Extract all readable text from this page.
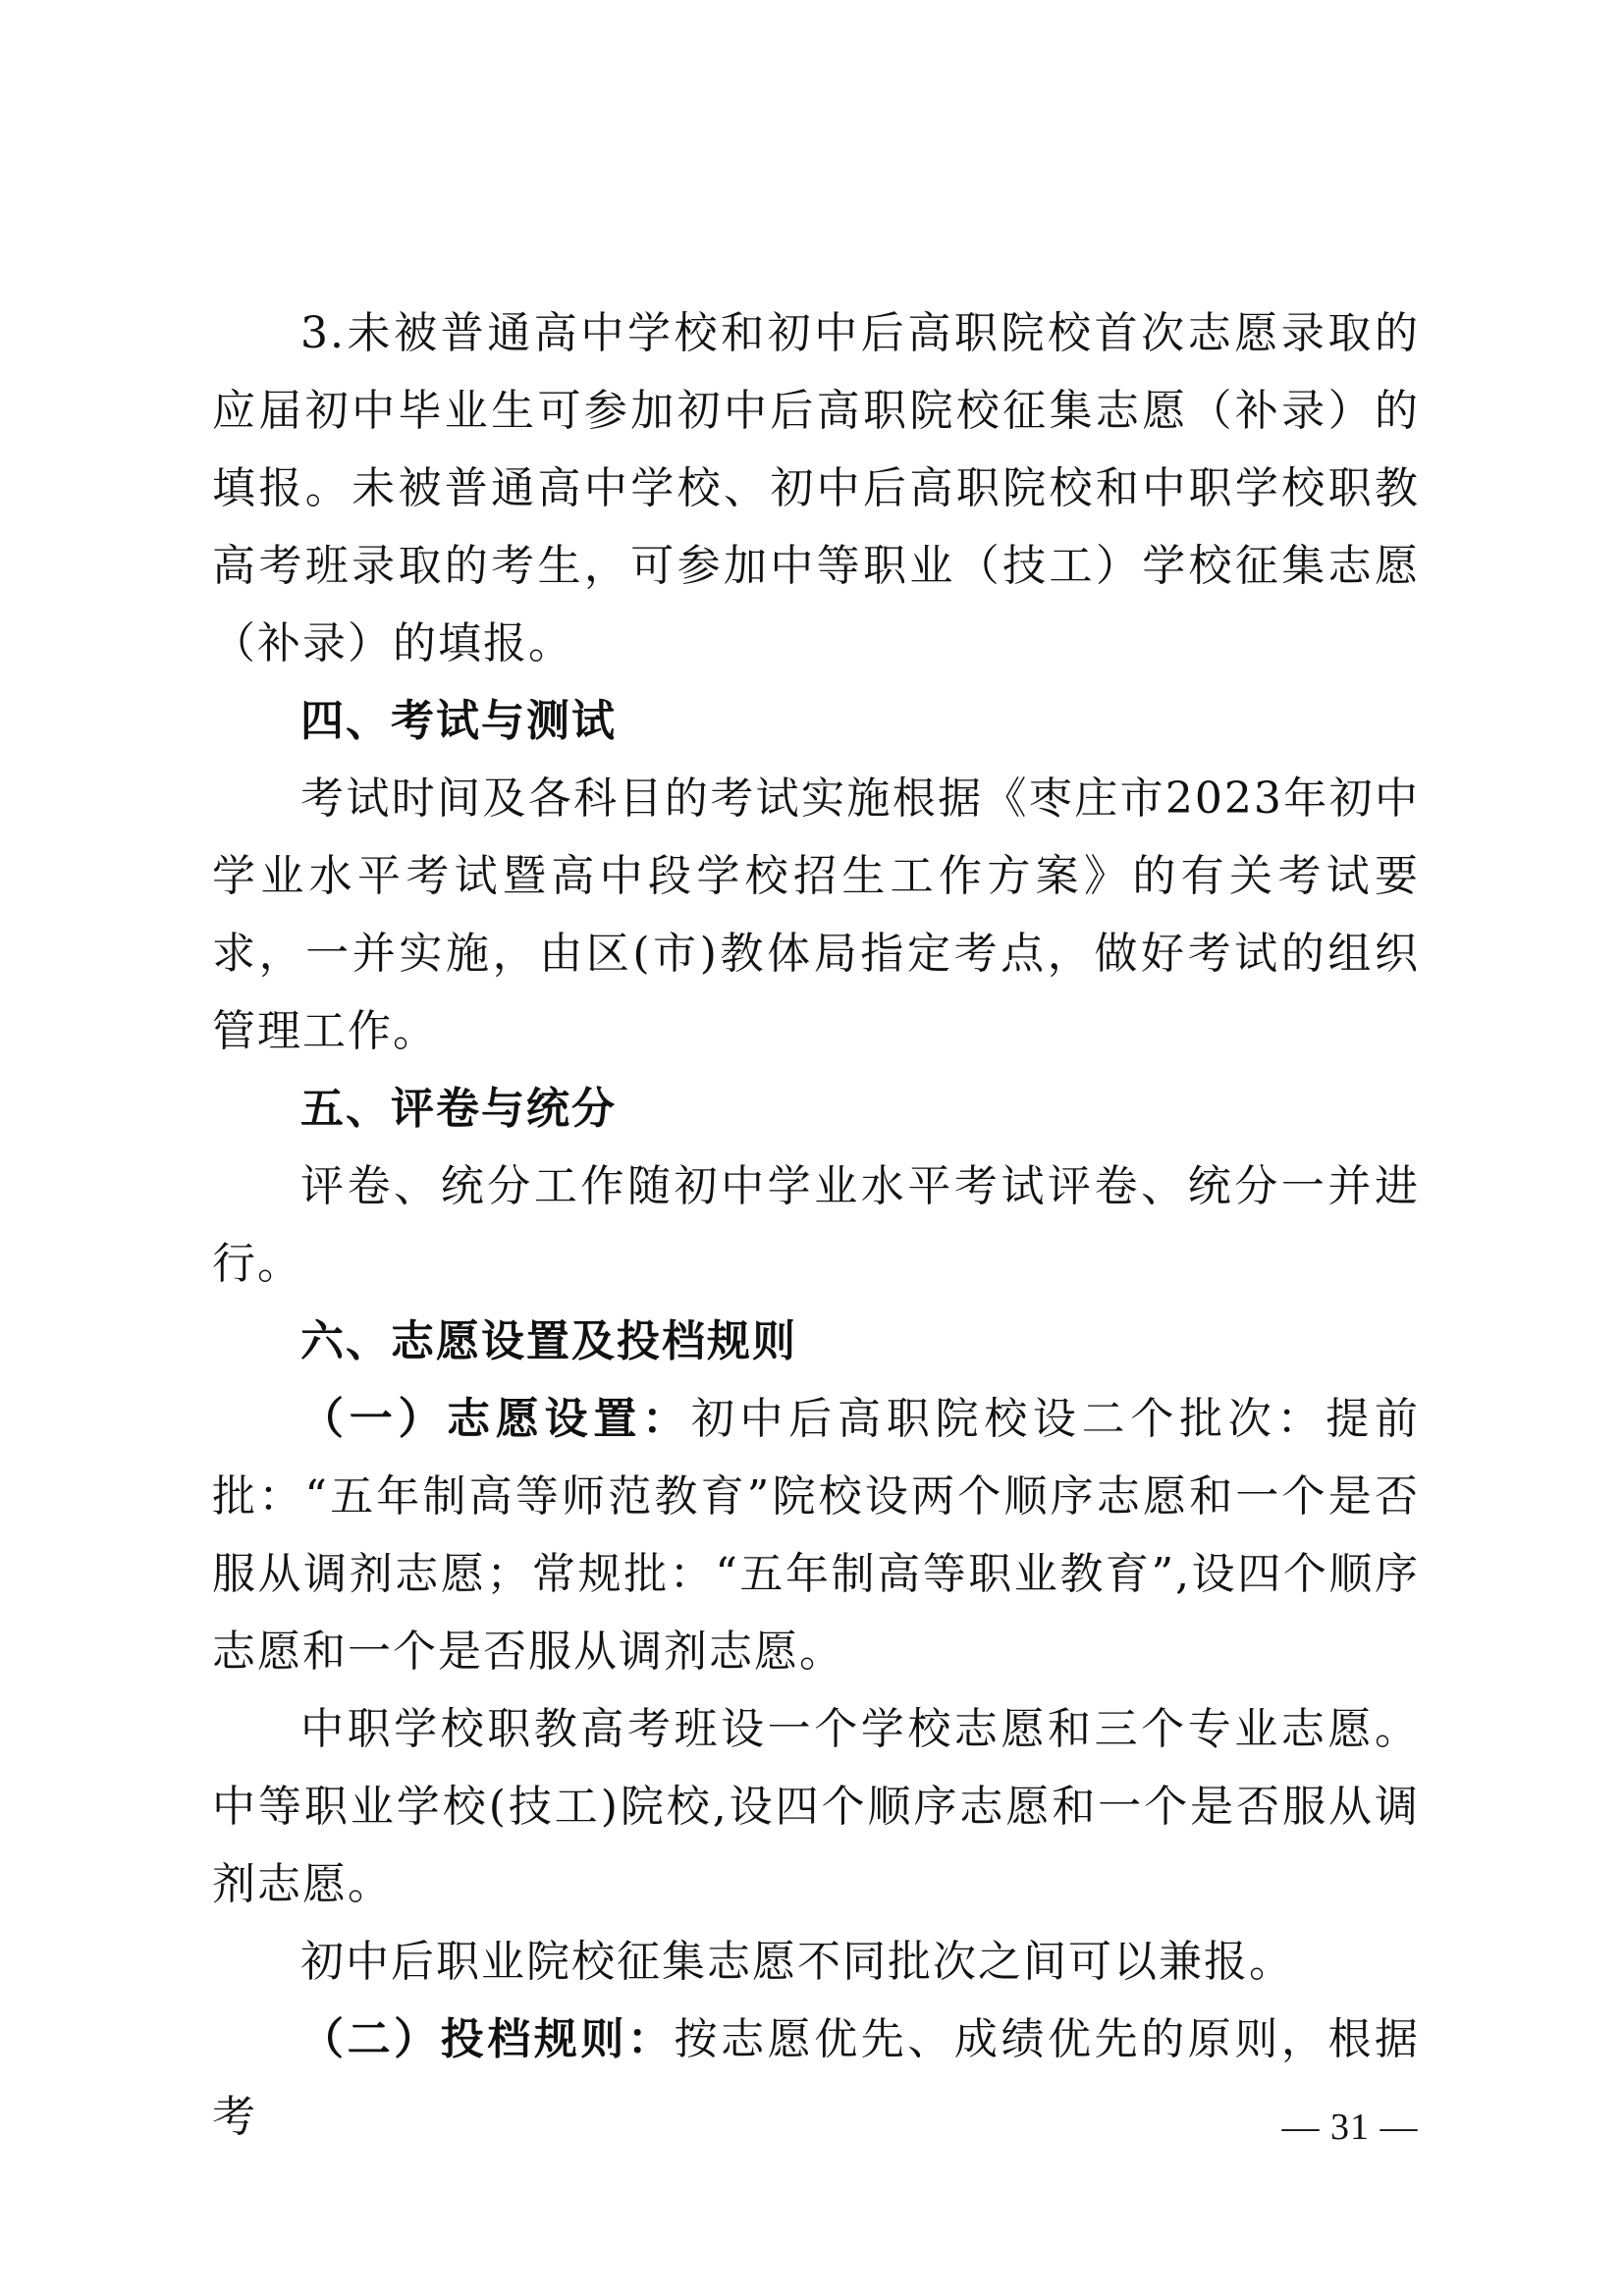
3.未被普通高中学校和初中后高职院校首次志愿录取的应届初中毕业生可参加初中后高职院校征集志愿（补录）的填报。未被普通高中学校、初中后高职院校和中职学校职教高考班录取的考生，可参加中等职业（技工）学校征集志愿（补录）的填报。

四、考试与测试

考试时间及各科目的考试实施根据《枣庄市2023年初中学业水平考试暨高中段学校招生工作方案》的有关考试要求，一并实施，由区(市)教体局指定考点，做好考试的组织管理工作。

五、评卷与统分

评卷、统分工作随初中学业水平考试评卷、统分一并进行。

六、志愿设置及投档规则

（一）志愿设置：初中后高职院校设二个批次：提前批：“五年制高等师范教育”院校设两个顺序志愿和一个是否服从调剂志愿；常规批：“五年制高等职业教育”,设四个顺序志愿和一个是否服从调剂志愿。

中职学校职教高考班设一个学校志愿和三个专业志愿。中等职业学校(技工)院校,设四个顺序志愿和一个是否服从调剂志愿。

初中后职业院校征集志愿不同批次之间可以兼报。

（二）投档规则：按志愿优先、成绩优先的原则，根据考	— 31 —
